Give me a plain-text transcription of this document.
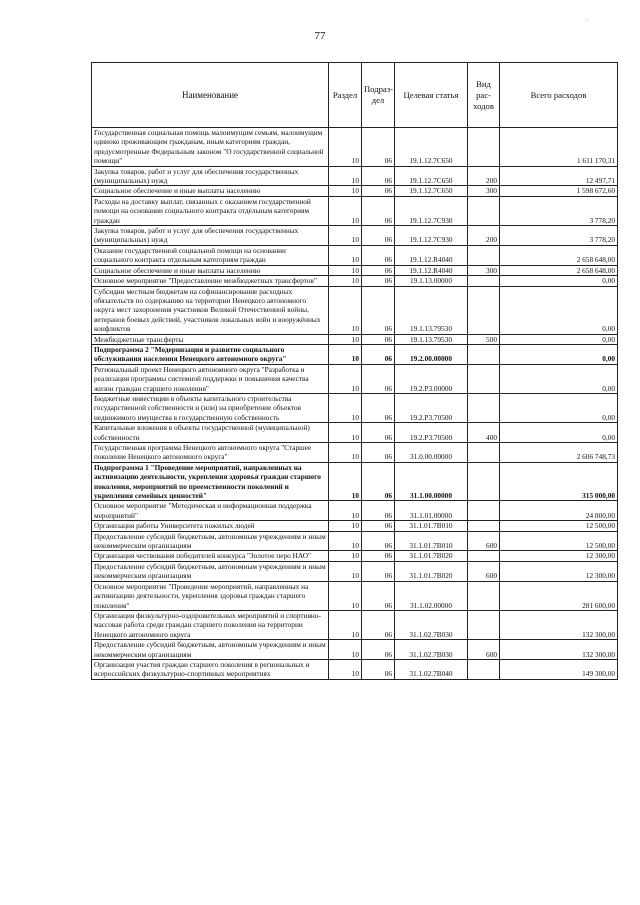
77
·
Наименование	Раздел	Подраз-дел	Целевая статья	Вид рас-ходов	Всего расходов
Государственная социальная помощь малоимущим семьям, малоимущим одиноко проживающим гражданам, иным категориям граждан, предусмотренные Федеральным законом "О государственной социальной помощи"	10	06	19.1.12.7С650		1 611 170,31
Закупка товаров, работ и услуг для обеспечения государственных (муниципальных) нужд	10	06	19.1.12.7С650	200	12 497,71
Социальное обеспечение и иные выплаты населению	10	06	19.1.12.7С650	300	1 598 672,60
Расходы на доставку выплат, связанных с оказанием государственной помощи на основании социального контракта отдельным категориям граждан	10	06	19.1.12.7С930		3 778,20
Закупка товаров, работ и услуг для обеспечения государственных (муниципальных) нужд	10	06	19.1.12.7С930	200	3 778,20
Оказание государственной социальной помощи на основании социального контракта отдельным категориям граждан	10	06	19.1.12.R4040		2 658 648,00
Социальное обеспечение и иные выплаты населению	10	06	19.1.12.R4040	300	2 658 648,00
Основное мероприятие "Предоставление межбюджетных трансфертов"	10	06	19.1.13.00000		0,00
Субсидии местным бюджетам на софинансирование расходных обязательств по содержанию на территории Ненецкого автономного округа мест захоронения участников Великой Отечественной войны, ветеранов боевых действий, участников локальных войн и вооружённых конфликтов	10	06	19.1.13.79530		0,00
Межбюджетные трансферты	10	06	19.1.13.79530	500	0,00
Подпрограмма 2 "Модернизация и развитие социального обслуживания населения Ненецкого автономного округа"	10	06	19.2.00.00000		0,00
Региональный проект Ненецкого автономного округа "Разработка и реализация программы системной поддержки и повышения качества жизни граждан старшего поколения"	10	06	19.2.Р3.00000		0,00
Бюджетные инвестиции в объекты капитального строительства государственной собственности и (или) на приобретение объектов недвижимого имущества в государственную собственность	10	06	19.2.Р3.70500		0,00
Капитальные вложения в объекты государственной (муниципальной) собственности	10	06	19.2.Р3.70500	400	0,00
Государственная программа Ненецкого автономного округа "Старшее поколение Ненецкого автономного округа"	10	06	31.0.00.00000		2 606 748,73
Подпрограмма 1 "Проведение мероприятий, направленных на активизацию деятельности, укрепления здоровья граждан старшего поколения, мероприятий по преемственности поколений и укрепления семейных ценностей"	10	06	31.1.00.00000		315 000,00
Основное мероприятие "Методическая и информационная поддержка мероприятий"	10	06	31.1.01.00000		24 800,00
Организация работы Университета пожилых людей	10	06	31.1.01.7В010		12 500,00
Предоставление субсидий бюджетным, автономным учреждениям и иным некоммерческим организациям	10	06	31.1.01.7В010	600	12 500,00
Организация чествования победителей конкурса "Золотое перо НАО"	10	06	31.1.01.7В020		12 300,00
Предоставление субсидий бюджетным, автономным учреждениям и иным некоммерческим организациям	10	06	31.1.01.7В020	600	12 300,00
Основное мероприятие "Проведение мероприятий, направленных на активизацию деятельности, укрепления здоровья граждан старшего поколения"	10	06	31.1.02.00000		281 600,00
Организация физкультурно-оздоровительных мероприятий и спортивно-массовая работа среди граждан старшего поколения на территории Ненецкого автономного округа	10	06	31.1.02.7В030		132 300,00
Предоставление субсидий бюджетным, автономным учреждениям и иным некоммерческим организациям	10	06	31.1.02.7В030	600	132 300,00
Организация участия граждан старшего поколения в региональных и всероссийских физкультурно-спортивных мероприятиях	10	06	31.1.02.7В040		149 300,00
